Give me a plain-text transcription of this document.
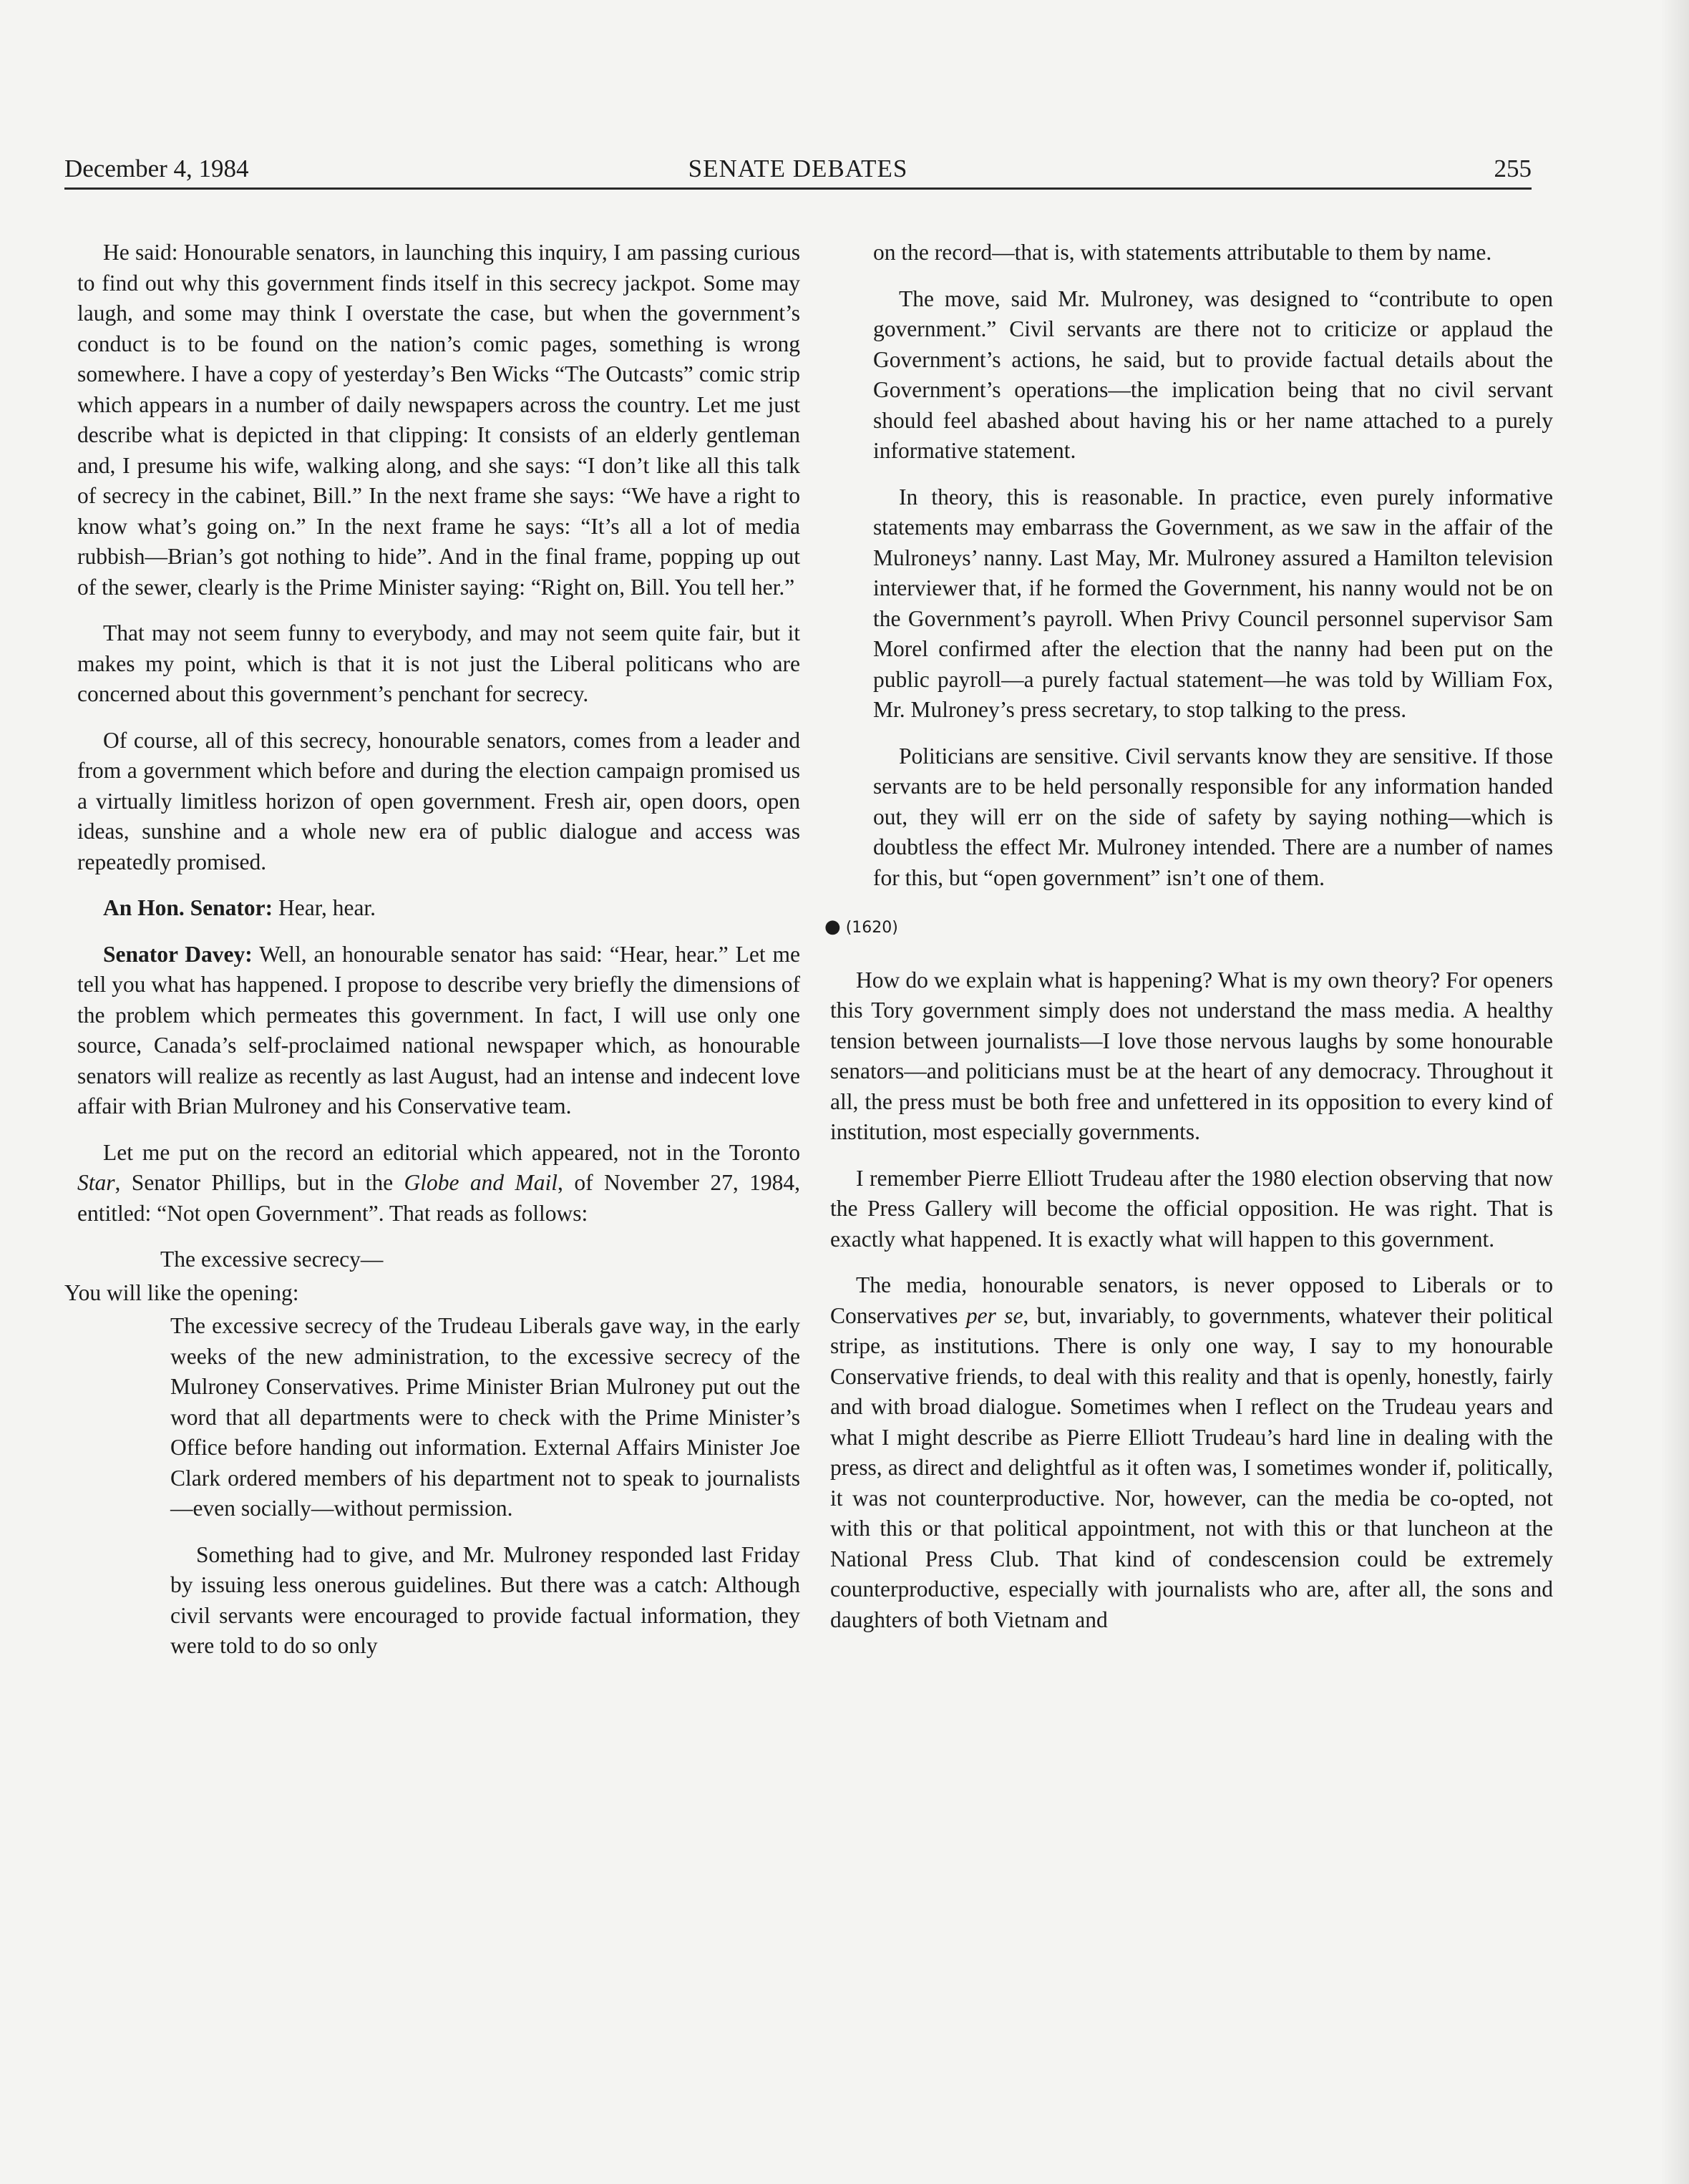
December 4, 1984	SENATE DEBATES	255

He said: Honourable senators, in launching this inquiry, I am passing curious to find out why this government finds itself in this secrecy jackpot. Some may laugh, and some may think I overstate the case, but when the government’s conduct is to be found on the nation’s comic pages, something is wrong somewhere. I have a copy of yesterday’s Ben Wicks “The Outcasts” comic strip which appears in a number of daily newspapers across the country. Let me just describe what is depicted in that clipping: It consists of an elderly gentleman and, I presume his wife, walking along, and she says: “I don’t like all this talk of secrecy in the cabinet, Bill.” In the next frame she says: “We have a right to know what’s going on.” In the next frame he says: “It’s all a lot of media rubbish—Brian’s got nothing to hide”. And in the final frame, popping up out of the sewer, clearly is the Prime Minister saying: “Right on, Bill. You tell her.”

That may not seem funny to everybody, and may not seem quite fair, but it makes my point, which is that it is not just the Liberal politicans who are concerned about this government’s penchant for secrecy.

Of course, all of this secrecy, honourable senators, comes from a leader and from a government which before and during the election campaign promised us a virtually limitless horizon of open government. Fresh air, open doors, open ideas, sunshine and a whole new era of public dialogue and access was repeatedly promised.

An Hon. Senator: Hear, hear.

Senator Davey: Well, an honourable senator has said: “Hear, hear.” Let me tell you what has happened. I propose to describe very briefly the dimensions of the problem which permeates this government. In fact, I will use only one source, Canada’s self-proclaimed national newspaper which, as honourable senators will realize as recently as last August, had an intense and indecent love affair with Brian Mulroney and his Conservative team.

Let me put on the record an editorial which appeared, not in the Toronto Star, Senator Phillips, but in the Globe and Mail, of November 27, 1984, entitled: “Not open Government”. That reads as follows:

The excessive secrecy—

You will like the opening:

The excessive secrecy of the Trudeau Liberals gave way, in the early weeks of the new administration, to the excessive secrecy of the Mulroney Conservatives. Prime Minister Brian Mulroney put out the word that all departments were to check with the Prime Minister’s Office before handing out information. External Affairs Minister Joe Clark ordered members of his department not to speak to journalists—even socially—without permission.

Something had to give, and Mr. Mulroney responded last Friday by issuing less onerous guidelines. But there was a catch: Although civil servants were encouraged to provide factual information, they were told to do so only

on the record—that is, with statements attributable to them by name.

The move, said Mr. Mulroney, was designed to “contribute to open government.” Civil servants are there not to criticize or applaud the Government’s actions, he said, but to provide factual details about the Government’s operations—the implication being that no civil servant should feel abashed about having his or her name attached to a purely informative statement.

In theory, this is reasonable. In practice, even purely informative statements may embarrass the Government, as we saw in the affair of the Mulroneys’ nanny. Last May, Mr. Mulroney assured a Hamilton television interviewer that, if he formed the Government, his nanny would not be on the Government’s payroll. When Privy Council personnel supervisor Sam Morel confirmed after the election that the nanny had been put on the public payroll—a purely factual statement—he was told by William Fox, Mr. Mulroney’s press secretary, to stop talking to the press.

Politicians are sensitive. Civil servants know they are sensitive. If those servants are to be held personally responsible for any information handed out, they will err on the side of safety by saying nothing—which is doubtless the effect Mr. Mulroney intended. There are a number of names for this, but “open government” isn’t one of them.

● (1620)

How do we explain what is happening? What is my own theory? For openers this Tory government simply does not understand the mass media. A healthy tension between journalists—I love those nervous laughs by some honourable senators—and politicians must be at the heart of any democracy. Throughout it all, the press must be both free and unfettered in its opposition to every kind of institution, most especially governments.

I remember Pierre Elliott Trudeau after the 1980 election observing that now the Press Gallery will become the official opposition. He was right. That is exactly what happened. It is exactly what will happen to this government.

The media, honourable senators, is never opposed to Liberals or to Conservatives per se, but, invariably, to governments, whatever their political stripe, as institutions. There is only one way, I say to my honourable Conservative friends, to deal with this reality and that is openly, honestly, fairly and with broad dialogue. Sometimes when I reflect on the Trudeau years and what I might describe as Pierre Elliott Trudeau’s hard line in dealing with the press, as direct and delightful as it often was, I sometimes wonder if, politically, it was not counterproductive. Nor, however, can the media be co-opted, not with this or that political appointment, not with this or that luncheon at the National Press Club. That kind of condescension could be extremely counterproductive, especially with journalists who are, after all, the sons and daughters of both Vietnam and
